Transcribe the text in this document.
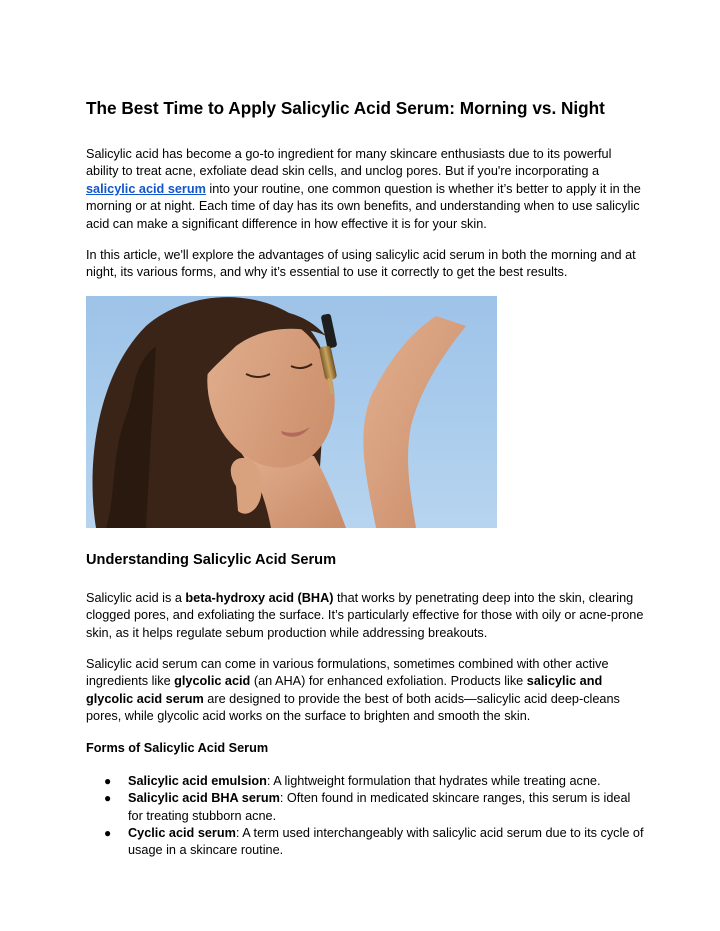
The Best Time to Apply Salicylic Acid Serum: Morning vs. Night

Salicylic acid has become a go-to ingredient for many skincare enthusiasts due to its powerful ability to treat acne, exfoliate dead skin cells, and unclog pores. But if you're incorporating a salicylic acid serum into your routine, one common question is whether it’s better to apply it in the morning or at night. Each time of day has its own benefits, and understanding when to use salicylic acid can make a significant difference in how effective it is for your skin.

In this article, we'll explore the advantages of using salicylic acid serum in both the morning and at night, its various forms, and why it’s essential to use it correctly to get the best results.

Understanding Salicylic Acid Serum

Salicylic acid is a beta-hydroxy acid (BHA) that works by penetrating deep into the skin, clearing clogged pores, and exfoliating the surface. It’s particularly effective for those with oily or acne-prone skin, as it helps regulate sebum production while addressing breakouts.

Salicylic acid serum can come in various formulations, sometimes combined with other active ingredients like glycolic acid (an AHA) for enhanced exfoliation. Products like salicylic and glycolic acid serum are designed to provide the best of both acids—salicylic acid deep-cleans pores, while glycolic acid works on the surface to brighten and smooth the skin.

Forms of Salicylic Acid Serum
● Salicylic acid emulsion: A lightweight formulation that hydrates while treating acne.
● Salicylic acid BHA serum: Often found in medicated skincare ranges, this serum is ideal for treating stubborn acne.
● Cyclic acid serum: A term used interchangeably with salicylic acid serum due to its cycle of usage in a skincare routine.
